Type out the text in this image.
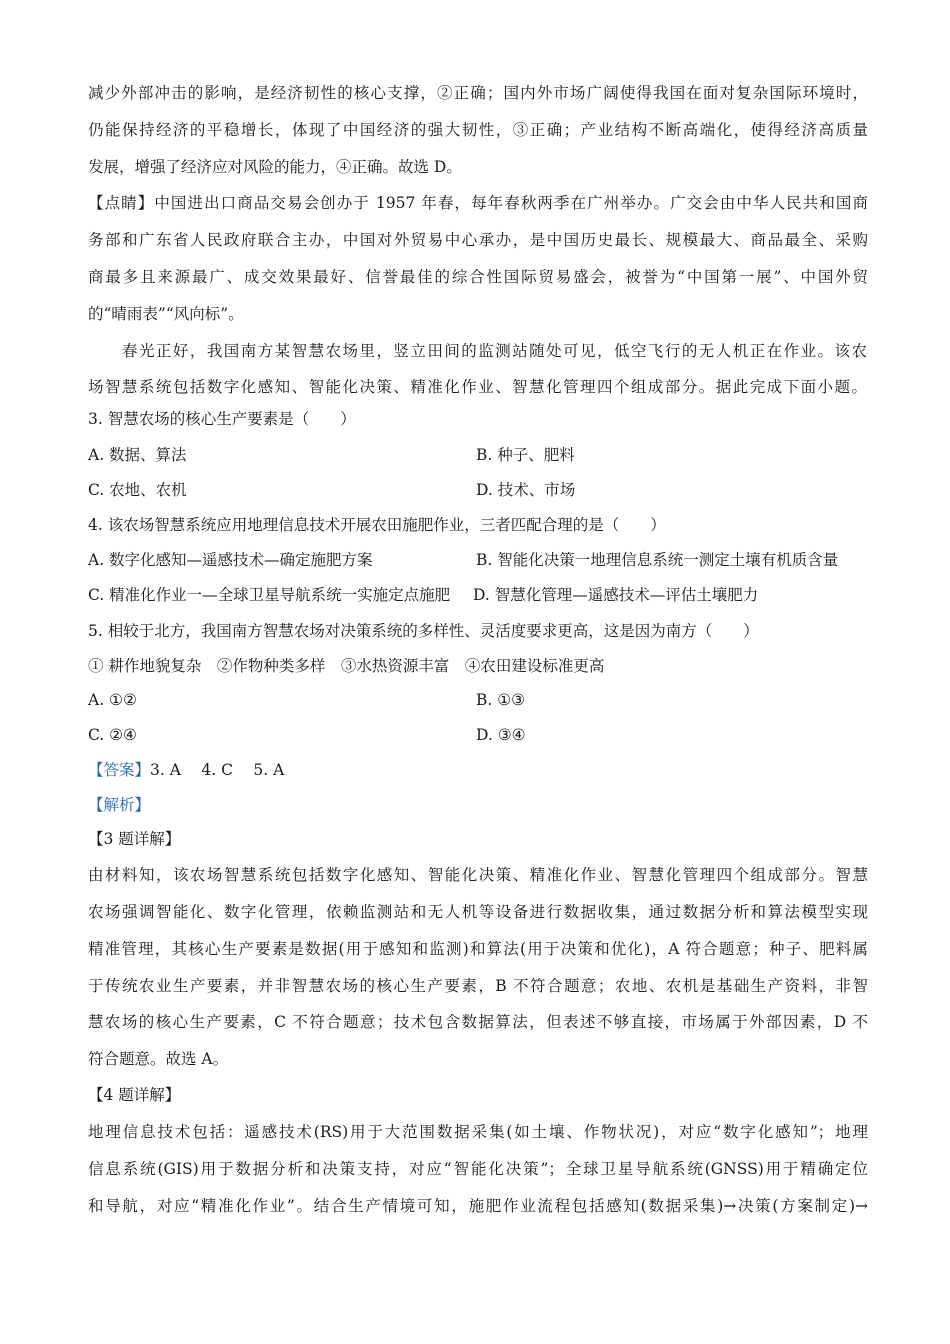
减少外部冲击的影响，是经济韧性的核心支撑，②正确；国内外市场广阔使得我国在面对复杂国际环境时，
仍能保持经济的平稳增长，体现了中国经济的强大韧性，③正确；产业结构不断高端化，使得经济高质量
发展，增强了经济应对风险的能力，④正确。故选 D。
【点睛】中国进出口商品交易会创办于 1957 年春，每年春秋两季在广州举办。广交会由中华人民共和国商
务部和广东省人民政府联合主办，中国对外贸易中心承办，是中国历史最长、规模最大、商品最全、采购
商最多且来源最广、成交效果最好、信誉最佳的综合性国际贸易盛会，被誉为“中国第一展”、中国外贸
的“晴雨表”“风向标”。
春光正好，我国南方某智慧农场里，竖立田间的监测站随处可见，低空飞行的无人机正在作业。该农
场智慧系统包括数字化感知、智能化决策、精准化作业、智慧化管理四个组成部分。据此完成下面小题。
3. 智慧农场的核心生产要素是（　　）
A. 数据、算法	B. 种子、肥料
C. 农地、农机	D. 技术、市场
4. 该农场智慧系统应用地理信息技术开展农田施肥作业，三者匹配合理的是（　　）
A. 数字化感知—遥感技术—确定施肥方案	B. 智能化决策一地理信息系统一测定土壤有机质含量
C. 精准化作业一—全球卫星导航系统一实施定点施肥 D. 智慧化管理—遥感技术—评估土壤肥力
5. 相较于北方，我国南方智慧农场对决策系统的多样性、灵活度要求更高，这是因为南方（　　）
① 耕作地貌复杂　②作物种类多样　③水热资源丰富　④农田建设标准更高
A. ①②	B. ①③
C. ②④	D. ③④
【答案】3. A　 4. C　 5. A
【解析】
【3 题详解】
由材料知，该农场智慧系统包括数字化感知、智能化决策、精准化作业、智慧化管理四个组成部分。智慧
农场强调智能化、数字化管理，依赖监测站和无人机等设备进行数据收集，通过数据分析和算法模型实现
精准管理，其核心生产要素是数据(用于感知和监测)和算法(用于决策和优化)，A 符合题意；种子、肥料属
于传统农业生产要素，并非智慧农场的核心生产要素，B 不符合题意；农地、农机是基础生产资料，非智
慧农场的核心生产要素，C 不符合题意；技术包含数据算法，但表述不够直接，市场属于外部因素，D 不
符合题意。故选 A。
【4 题详解】
地理信息技术包括：遥感技术(RS)用于大范围数据采集(如土壤、作物状况)，对应“数字化感知”；地理
信息系统(GIS)用于数据分析和决策支持，对应“智能化决策”；全球卫星导航系统(GNSS)用于精确定位
和导航，对应“精准化作业”。结合生产情境可知，施肥作业流程包括感知(数据采集)→决策(方案制定)→
